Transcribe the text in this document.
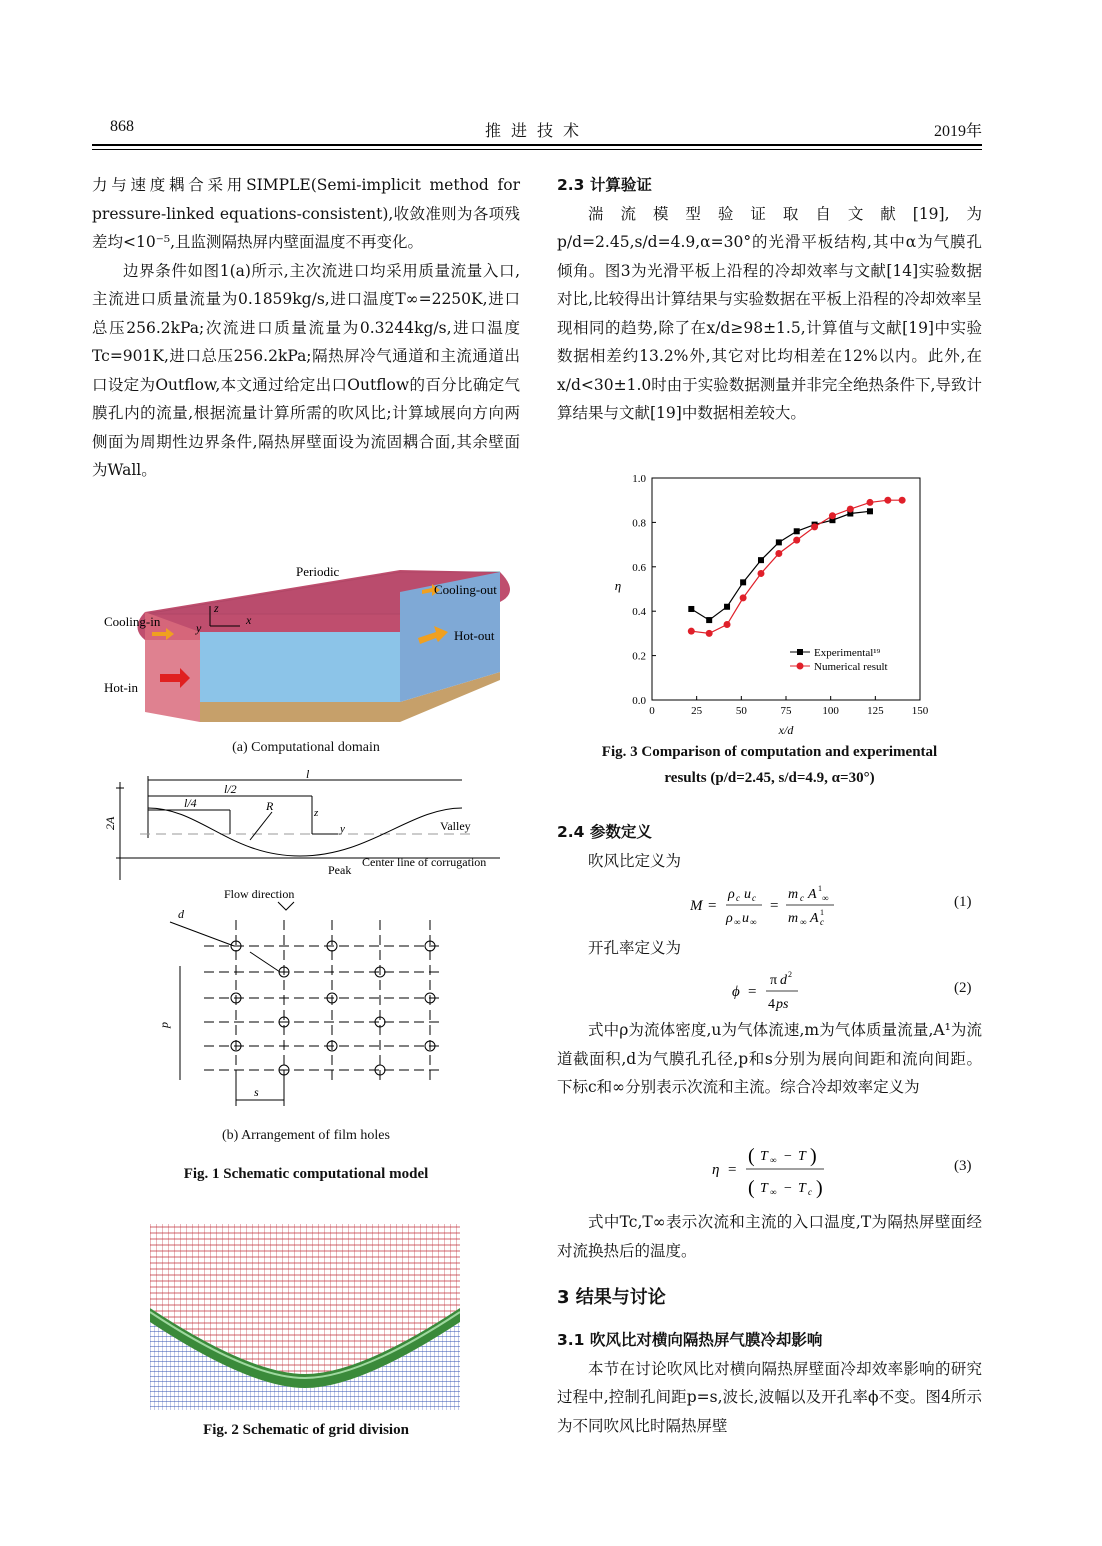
868	推进技术	2019年

力与速度耦合采用SIMPLE(Semi-implicit method for pressure-linked equations-consistent),收敛准则为各项残差均<10⁻⁵,且监测隔热屏内壁面温度不再变化。

边界条件如图1(a)所示,主次流进口均采用质量流量入口,主流进口质量流量为0.1859kg/s,进口温度T∞=2250K,进口总压256.2kPa;次流进口质量流量为0.3244kg/s,进口温度Tc=901K,进口总压256.2kPa;隔热屏冷气通道和主流通道出口设定为Outflow,本文通过给定出口Outflow的百分比确定气膜孔内的流量,根据流量计算所需的吹风比;计算域展向方向两侧面为周期性边界条件,隔热屏壁面设为流固耦合面,其余壁面为Wall。

Periodic
Cooling-out
Cooling-in
Hot-out
Hot-in
x
y
z
(a) Computational domain
2A
l
l/2
l/4	R	z
y	Valley
Peak
Center line of corrugation
Flow direction
d
p
s
(b) Arrangement of film holes
Fig. 1 Schematic computational model
Fig. 2 Schematic of grid division

2.3 计算验证

湍流模型验证取自文献[19],为p/d=2.45,s/d=4.9,α=30°的光滑平板结构,其中α为气膜孔倾角。图3为光滑平板上沿程的冷却效率与文献[14]实验数据对比,比较得出计算结果与实验数据在平板上沿程的冷却效率呈现相同的趋势,除了在x/d≥98±1.5,计算值与文献[19]中实验数据相差约13.2%外,其它对比均相差在12%以内。此外,在x/d<30±1.0时由于实验数据测量并非完全绝热条件下,导致计算结果与文献[19]中数据相差较大。

0	25	50	75	100	125	150
0.0
0.2
0.4
0.6
0.8
1.0
x/d
η
Experimental¹⁹
Numerical result
Fig. 3 Comparison of computation and experimental
results (p/d=2.45, s/d=4.9, α=30°)

2.4 参数定义

吹风比定义为

M =
ρ c u c
ρ ∞ u ∞
=
m c A 1
∞
m ∞ A 1
c
(1)

开孔率定义为

ϕ =
π d 2
4 ps
(2)

式中ρ为流体密度,u为气体流速,m为气体质量流量,A¹为流道截面积,d为气膜孔孔径,p和s分别为展向间距和流向间距。下标c和∞分别表示次流和主流。综合冷却效率定义为

η =
( T ∞ − T )
( T ∞ − T c )
(3)

式中Tc,T∞表示次流和主流的入口温度,T为隔热屏壁面经对流换热后的温度。

3 结果与讨论

3.1 吹风比对横向隔热屏气膜冷却影响

本节在讨论吹风比对横向隔热屏壁面冷却效率影响的研究过程中,控制孔间距p=s,波长,波幅以及开孔率ϕ不变。图4所示为不同吹风比时隔热屏壁
